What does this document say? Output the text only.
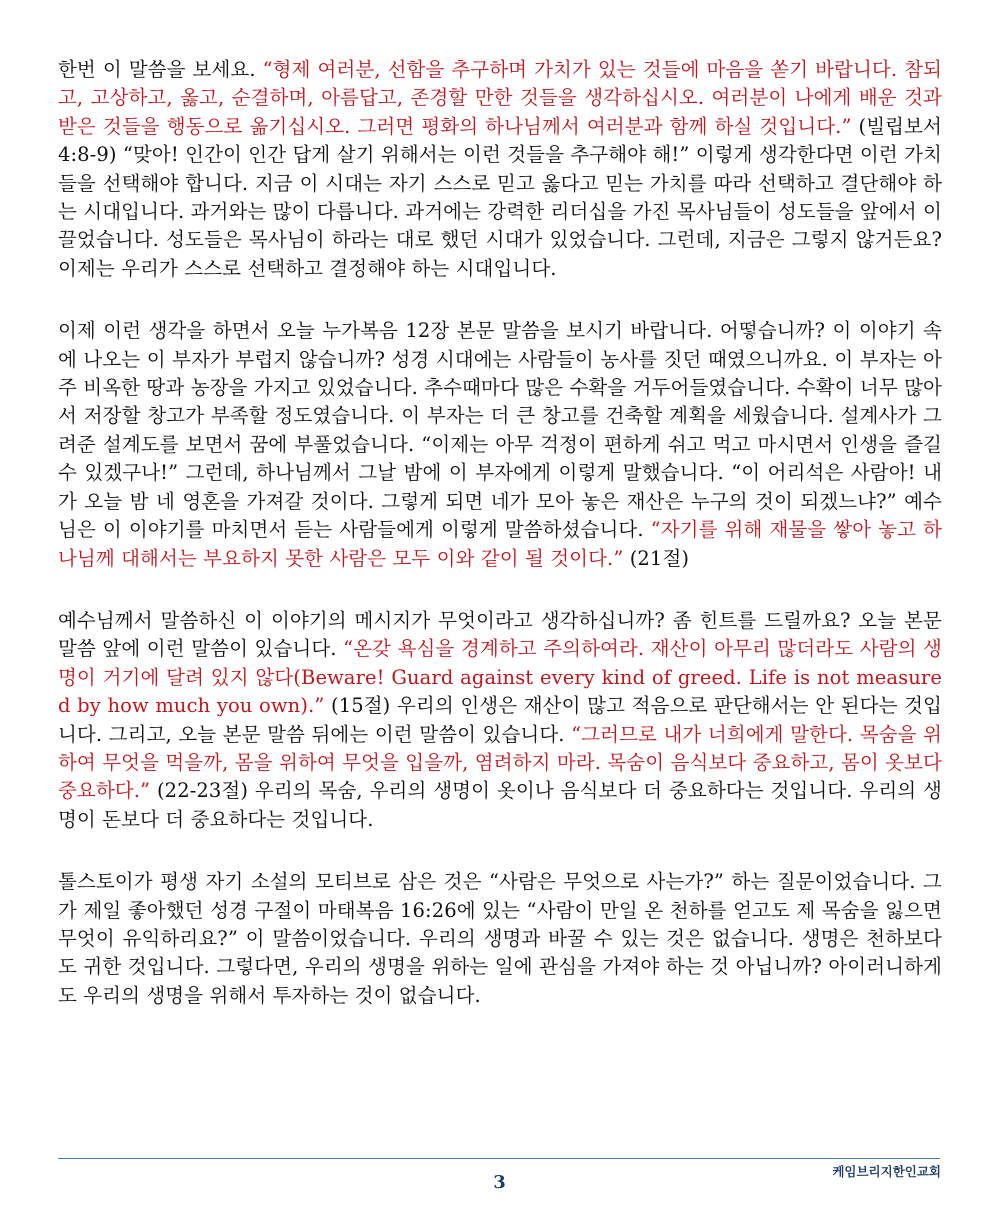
한번 이 말씀을 보세요. “형제 여러분, 선함을 추구하며 가치가 있는 것들에 마음을 쏟기 바랍니다. 참되고, 고상하고, 옳고, 순결하며, 아름답고, 존경할 만한 것들을 생각하십시오. 여러분이 나에게 배운 것과 받은 것들을 행동으로 옮기십시오. 그러면 평화의 하나님께서 여러분과 함께 하실 것입니다.” (빌립보서 4:8-9) “맞아! 인간이 인간 답게 살기 위해서는 이런 것들을 추구해야 해!” 이렇게 생각한다면 이런 가치들을 선택해야 합니다. 지금 이 시대는 자기 스스로 믿고 옳다고 믿는 가치를 따라 선택하고 결단해야 하는 시대입니다. 과거와는 많이 다릅니다. 과거에는 강력한 리더십을 가진 목사님들이 성도들을 앞에서 이끌었습니다. 성도들은 목사님이 하라는 대로 했던 시대가 있었습니다. 그런데, 지금은 그렇지 않거든요? 이제는 우리가 스스로 선택하고 결정해야 하는 시대입니다.

이제 이런 생각을 하면서 오늘 누가복음 12장 본문 말씀을 보시기 바랍니다. 어떻습니까? 이 이야기 속에 나오는 이 부자가 부럽지 않습니까? 성경 시대에는 사람들이 농사를 짓던 때였으니까요. 이 부자는 아주 비옥한 땅과 농장을 가지고 있었습니다. 추수때마다 많은 수확을 거두어들였습니다. 수확이 너무 많아서 저장할 창고가 부족할 정도였습니다. 이 부자는 더 큰 창고를 건축할 계획을 세웠습니다. 설계사가 그려준 설계도를 보면서 꿈에 부풀었습니다. “이제는 아무 걱정이 편하게 쉬고 먹고 마시면서 인생을 즐길 수 있겠구나!” 그런데, 하나님께서 그날 밤에 이 부자에게 이렇게 말했습니다. “이 어리석은 사람아! 내가 오늘 밤 네 영혼을 가져갈 것이다. 그렇게 되면 네가 모아 놓은 재산은 누구의 것이 되겠느냐?” 예수님은 이 이야기를 마치면서 듣는 사람들에게 이렇게 말씀하셨습니다. “자기를 위해 재물을 쌓아 놓고 하나님께 대해서는 부요하지 못한 사람은 모두 이와 같이 될 것이다.” (21절)

예수님께서 말씀하신 이 이야기의 메시지가 무엇이라고 생각하십니까? 좀 힌트를 드릴까요? 오늘 본문 말씀 앞에 이런 말씀이 있습니다. “온갖 욕심을 경계하고 주의하여라. 재산이 아무리 많더라도 사람의 생명이 거기에 달려 있지 않다(Beware! Guard against every kind of greed. Life is not measured by how much you own).” (15절) 우리의 인생은 재산이 많고 적음으로 판단해서는 안 된다는 것입니다. 그리고, 오늘 본문 말씀 뒤에는 이런 말씀이 있습니다. “그러므로 내가 너희에게 말한다. 목숨을 위하여 무엇을 먹을까, 몸을 위하여 무엇을 입을까, 염려하지 마라. 목숨이 음식보다 중요하고, 몸이 옷보다 중요하다.” (22-23절) 우리의 목숨, 우리의 생명이 옷이나 음식보다 더 중요하다는 것입니다. 우리의 생명이 돈보다 더 중요하다는 것입니다.

톨스토이가 평생 자기 소설의 모티브로 삼은 것은 “사람은 무엇으로 사는가?” 하는 질문이었습니다. 그가 제일 좋아했던 성경 구절이 마태복음 16:26에 있는 “사람이 만일 온 천하를 얻고도 제 목숨을 잃으면 무엇이 유익하리요?” 이 말씀이었습니다. 우리의 생명과 바꿀 수 있는 것은 없습니다. 생명은 천하보다도 귀한 것입니다. 그렇다면, 우리의 생명을 위하는 일에 관심을 가져야 하는 것 아닙니까? 아이러니하게도 우리의 생명을 위해서 투자하는 것이 없습니다.

케임브리지한인교회
3
